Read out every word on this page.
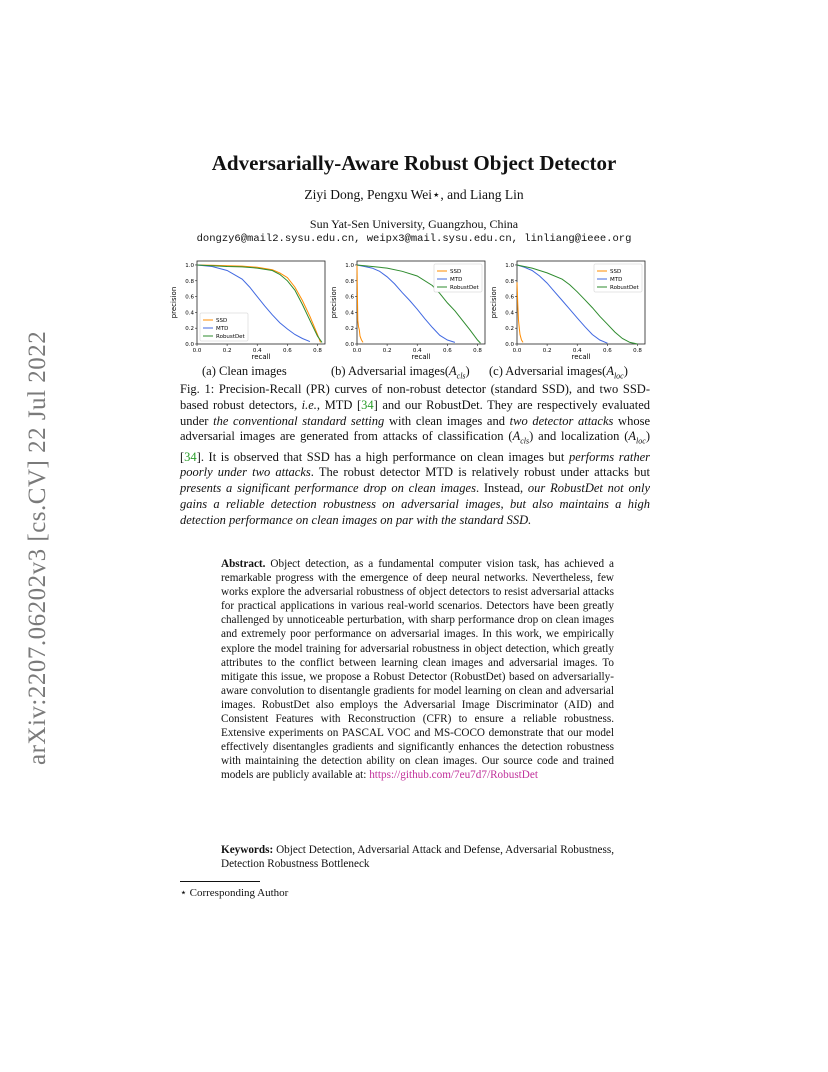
arXiv:2207.06202v3 [cs.CV] 22 Jul 2022
Adversarially-Aware Robust Object Detector
Ziyi Dong, Pengxu Wei⋆, and Liang Lin
Sun Yat-Sen University, Guangzhou, China
dongzy6@mail2.sysu.edu.cn, weipx3@mail.sysu.edu.cn, linliang@ieee.org
0.0	0.2	0.4	0.6	0.8
0.0
0.2
0.4
0.6
0.8
1.0
recall
precision
SSD
MTD
RobustDet
0.0	0.2	0.4	0.6	0.8
0.0
0.2
0.4
0.6
0.8
1.0
recall
precision
SSD
MTD
RobustDet
0.0	0.2	0.4	0.6	0.8
0.0
0.2
0.4
0.6
0.8
1.0
recall
precision
SSD
MTD
RobustDet
(a) Clean images	(b) Adversarial $images(A_{cls})$ (c) Adversarial $images(A_{loc})$
Fig. 1: Precision-Recall (PR) curves of non-robust detector (standard SSD), and two SSD-based robust detectors, i.e., MTD [34] and our RobustDet. They are respectively evaluated under the conventional standard setting with clean images and two detector attacks whose adversarial images are generated from attacks of classification $(A_{cls})$ and localization $(A_{loc})$ [34]. It is observed that SSD has a high performance on clean images but performs rather poorly under two attacks. The robust detector MTD is relatively robust under attacks but presents a significant performance drop on clean images. Instead, our RobustDet not only gains a reliable detection robustness on adversarial images, but also maintains a high detection performance on clean images on par with the standard SSD.
Abstract. Object detection, as a fundamental computer vision task, has achieved a remarkable progress with the emergence of deep neural networks. Nevertheless, few works explore the adversarial robustness of object detectors to resist adversarial attacks for practical applications in various real-world scenarios. Detectors have been greatly challenged by unnoticeable perturbation, with sharp performance drop on clean images and extremely poor performance on adversarial images. In this work, we empirically explore the model training for adversarial robustness in object detection, which greatly attributes to the conflict between learning clean images and adversarial images. To mitigate this issue, we propose a Robust Detector (RobustDet) based on adversarially-aware convolution to disentangle gradients for model learning on clean and adversarial images. RobustDet also employs the Adversarial Image Discriminator (AID) and Consistent Features with Reconstruction (CFR) to ensure a reliable robustness. Extensive experiments on PASCAL VOC and MS-COCO demonstrate that our model effectively disentangles gradients and significantly enhances the detection robustness with maintaining the detection ability on clean images. Our source code and trained models are publicly available at: https://github.com/7eu7d7/RobustDet
Keywords: Object Detection, Adversarial Attack and Defense, Adversarial Robustness, Detection Robustness Bottleneck
⋆ Corresponding Author
